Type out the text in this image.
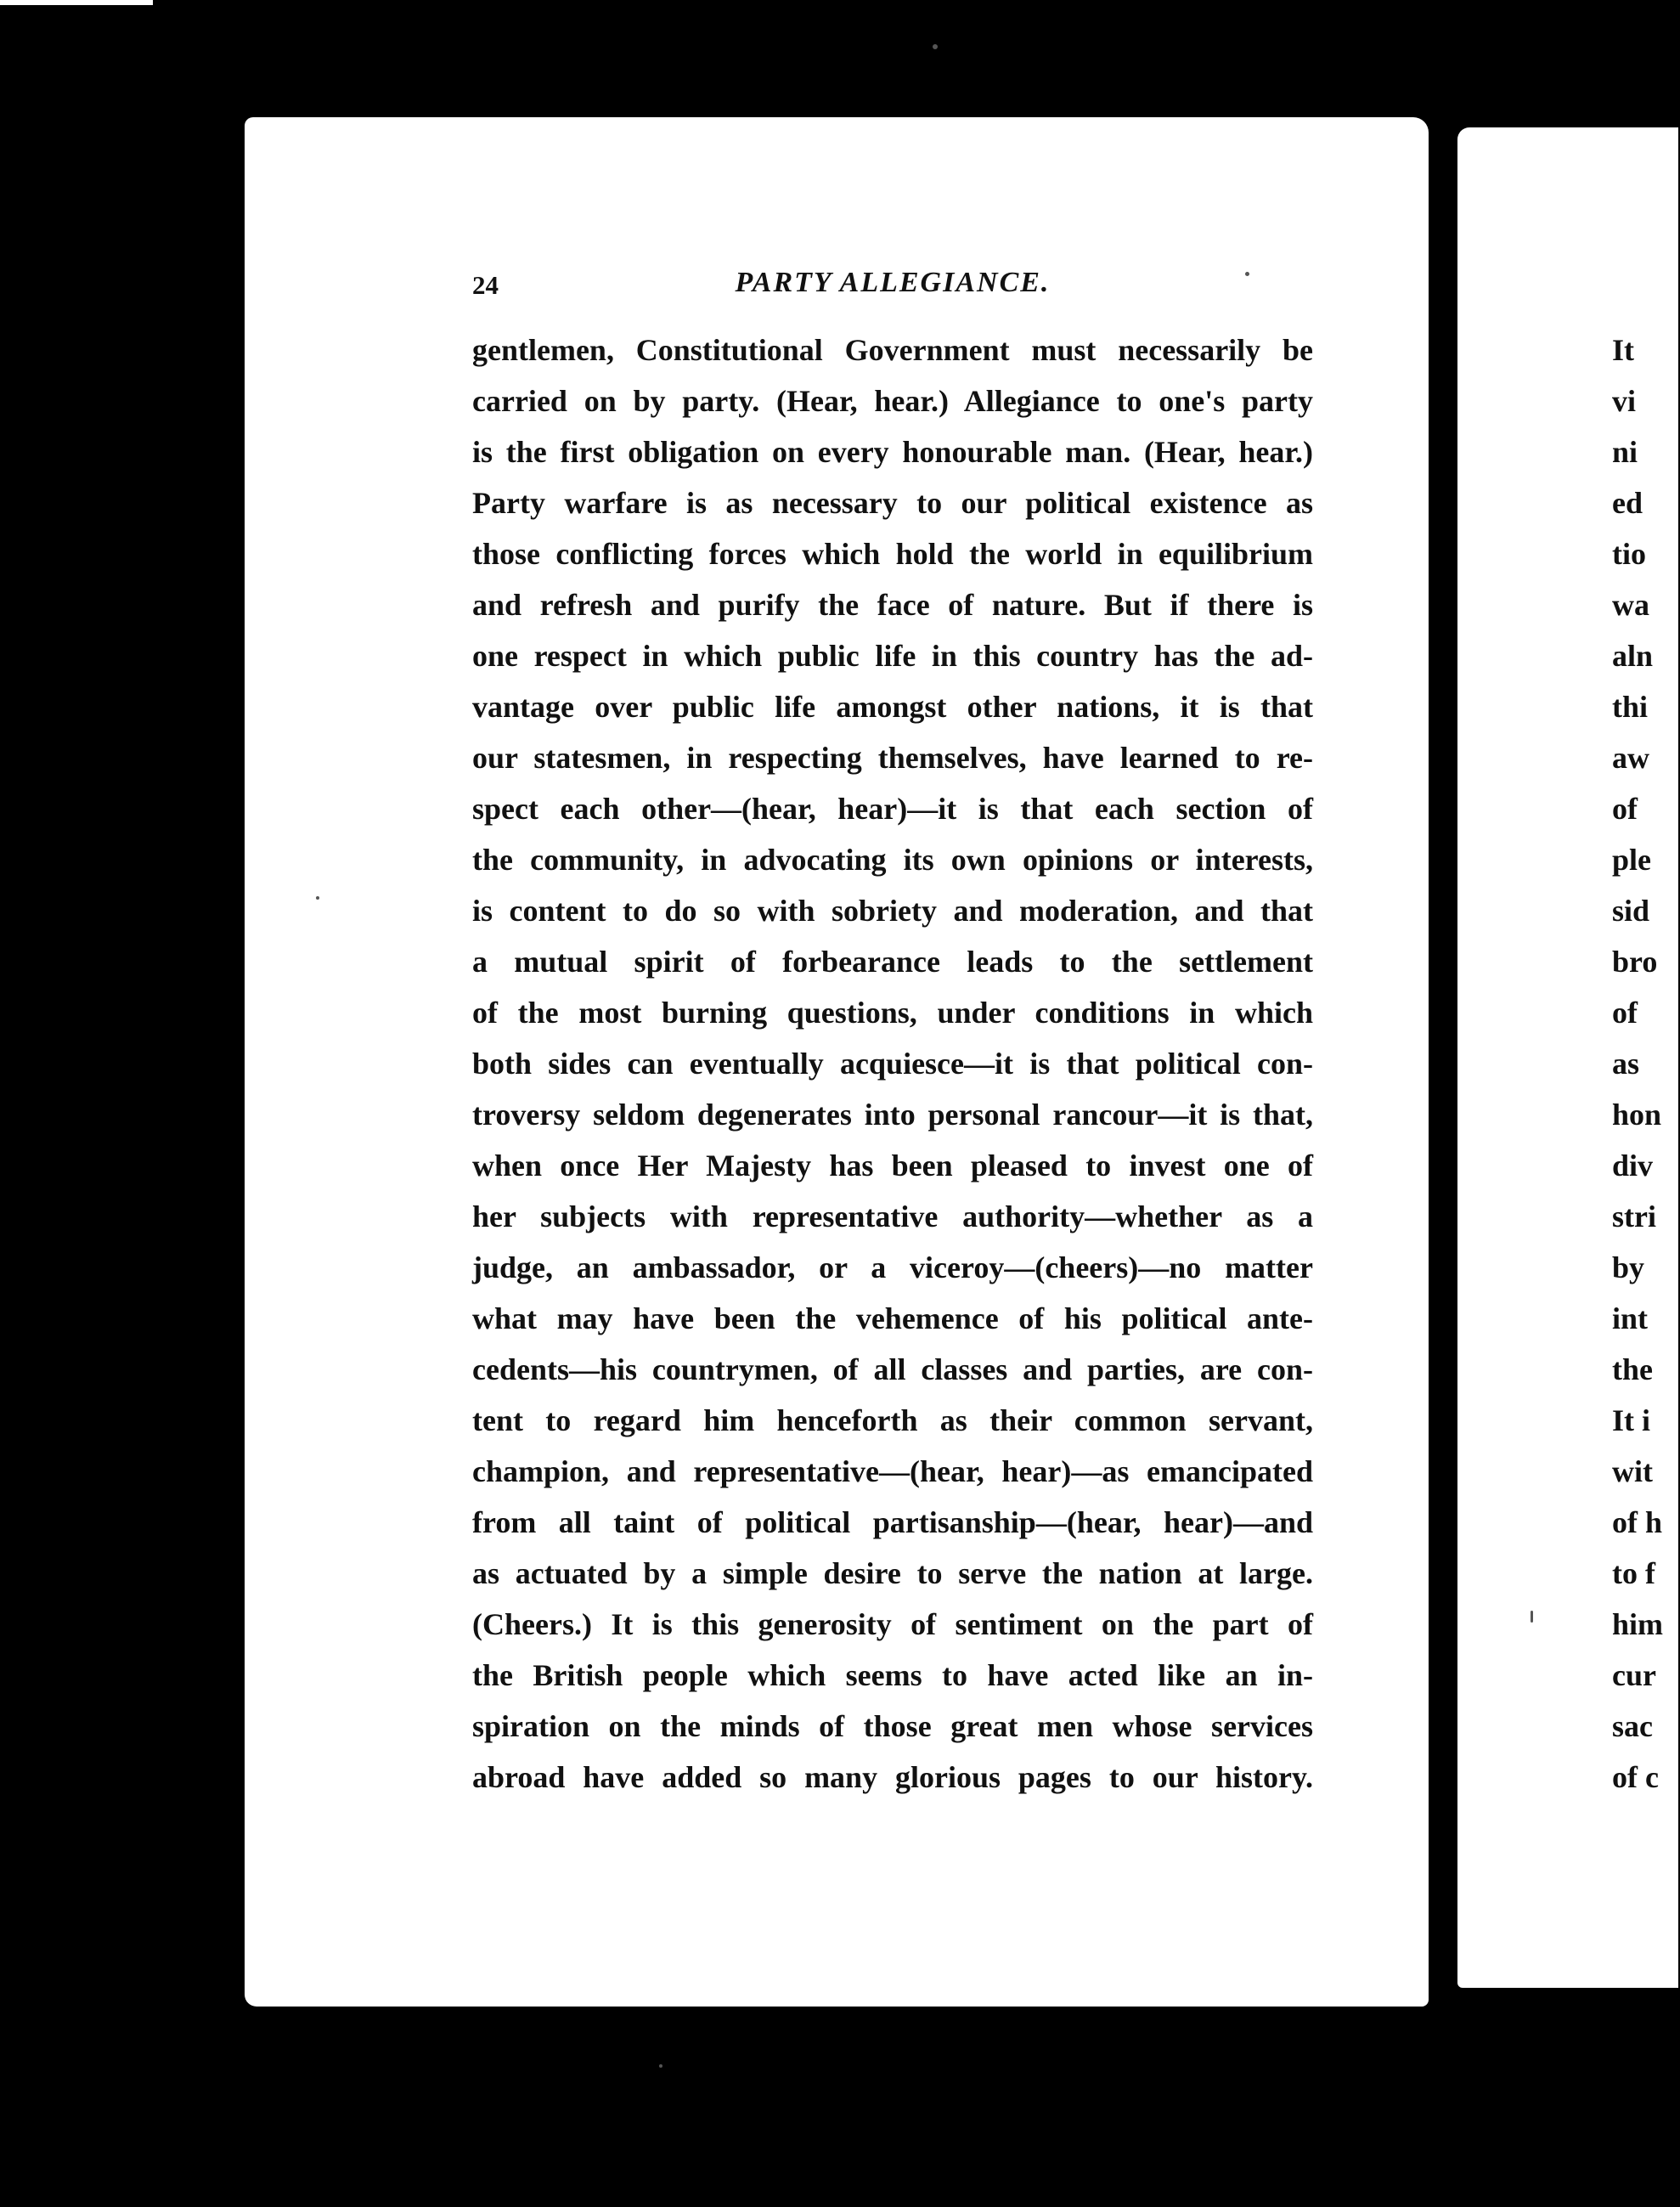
24	PARTY ALLEGIANCE.
gentlemen, Constitutional Government must necessarily be
carried on by party. (Hear, hear.) Allegiance to one's party
is the first obligation on every honourable man. (Hear, hear.)
Party warfare is as necessary to our political existence as
those conflicting forces which hold the world in equilibrium
and refresh and purify the face of nature. But if there is
one respect in which public life in this country has the ad-
vantage over public life amongst other nations, it is that
our statesmen, in respecting themselves, have learned to re-
spect each other—(hear, hear)—it is that each section of
the community, in advocating its own opinions or interests,
is content to do so with sobriety and moderation, and that
a mutual spirit of forbearance leads to the settlement
of the most burning questions, under conditions in which
both sides can eventually acquiesce—it is that political con-
troversy seldom degenerates into personal rancour—it is that,
when once Her Majesty has been pleased to invest one of
her subjects with representative authority—whether as a
judge, an ambassador, or a viceroy—(cheers)—no matter
what may have been the vehemence of his political ante-
cedents—his countrymen, of all classes and parties, are con-
tent to regard him henceforth as their common servant,
champion, and representative—(hear, hear)—as emancipated
from all taint of political partisanship—(hear, hear)—and
as actuated by a simple desire to serve the nation at large.
(Cheers.) It is this generosity of sentiment on the part of
the British people which seems to have acted like an in-
spiration on the minds of those great men whose services
abroad have added so many glorious pages to our history.
It
vi
ni
ed
tio
wa
aln
thi
aw
of
ple
sid
bro
of
as
hon
div
stri
by
int
the
It i
wit
of h
to f
him
cur
sac
of c
